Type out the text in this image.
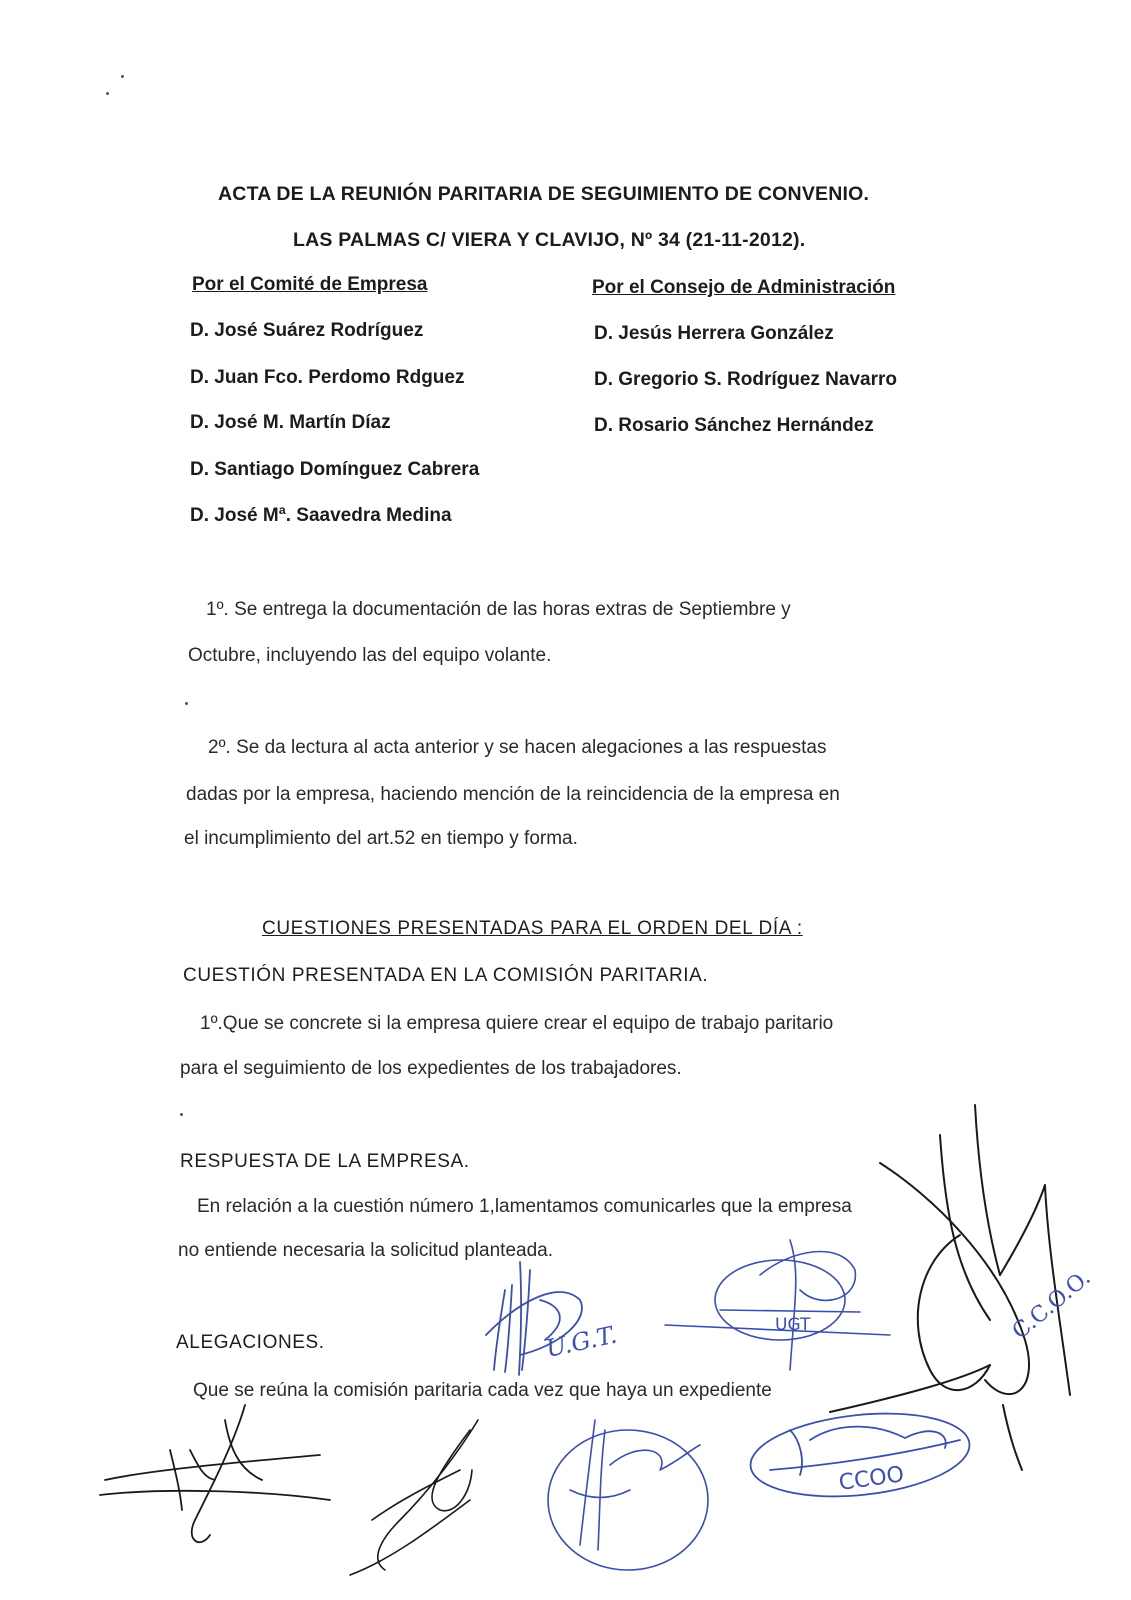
ACTA DE LA REUNIÓN PARITARIA DE SEGUIMIENTO DE CONVENIO.
LAS PALMAS C/ VIERA Y CLAVIJO, Nº 34 (21-11-2012).
Por el Comité de Empresa
D. José Suárez Rodríguez
D. Juan Fco. Perdomo Rdguez
D. José M. Martín Díaz
D. Santiago Domínguez Cabrera
D. José Mª. Saavedra Medina
Por el Consejo de Administración
D. Jesús Herrera González
D. Gregorio S. Rodríguez Navarro
D. Rosario Sánchez Hernández
1º. Se entrega la documentación de las horas extras de Septiembre y
Octubre, incluyendo las del equipo volante.
2º. Se da lectura al acta anterior y se hacen alegaciones a las respuestas
dadas por la empresa, haciendo mención de la reincidencia de la empresa en
el incumplimiento del art.52 en tiempo y forma.
CUESTIONES PRESENTADAS PARA EL ORDEN DEL DÍA :
CUESTIÓN PRESENTADA EN LA COMISIÓN PARITARIA.
1º.Que se concrete si la empresa quiere crear el equipo de trabajo paritario
para el seguimiento de los expedientes de los trabajadores.
RESPUESTA DE LA EMPRESA.
En relación a la cuestión número 1,lamentamos comunicarles que la empresa
no entiende necesaria la solicitud planteada.
ALEGACIONES.
Que se reúna la comisión paritaria cada vez que haya un expediente
C.C.O.O.
U.G.T.	UGT
CCOO
